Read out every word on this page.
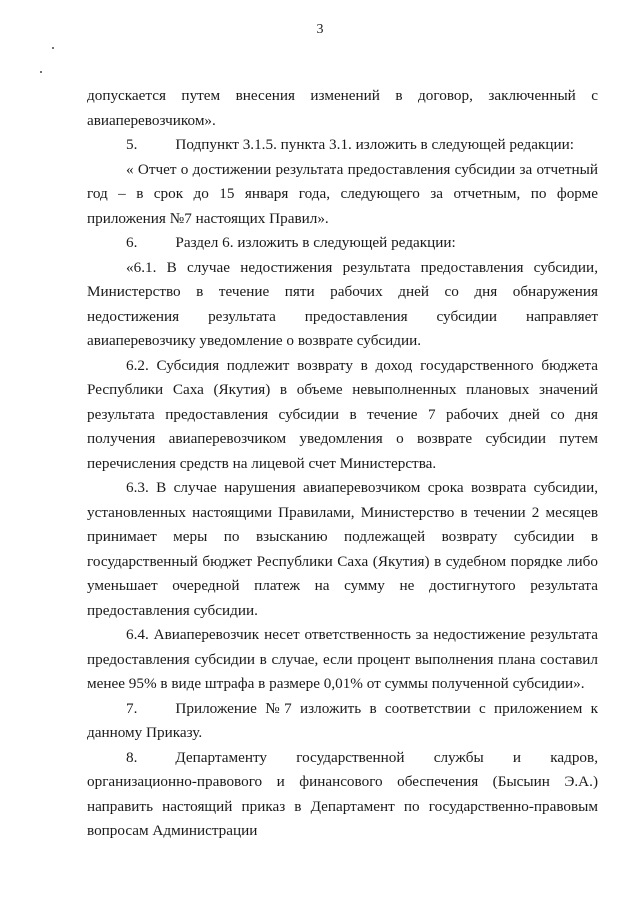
3

допускается путем внесения изменений в договор, заключенный с

авиаперевозчиком».

5.	Подпункт 3.1.5. пункта 3.1. изложить в следующей редакции:

« Отчет о достижении результата предоставления субсидии за отчетный год – в срок до 15 января года, следующего за отчетным, по форме приложения №7 настоящих Правил».

6.	Раздел 6. изложить в следующей редакции:

«6.1. В случае недостижения результата предоставления субсидии, Министерство в течение пяти рабочих дней со дня обнаружения недостижения результата предоставления субсидии направляет авиаперевозчику уведомление о возврате субсидии.

6.2. Субсидия подлежит возврату в доход государственного бюджета Республики Саха (Якутия) в объеме невыполненных плановых значений результата предоставления субсидии в течение 7 рабочих дней со дня получения авиаперевозчиком уведомления о возврате субсидии путем перечисления средств на лицевой счет Министерства.

6.3. В случае нарушения авиаперевозчиком срока возврата субсидии, установленных настоящими Правилами, Министерство в течении 2 месяцев принимает меры по взысканию подлежащей возврату субсидии в государственный бюджет Республики Саха (Якутия) в судебном порядке либо уменьшает очередной платеж на сумму не достигнутого результата предоставления субсидии.

6.4. Авиаперевозчик несет ответственность за недостижение результата предоставления субсидии в случае, если процент выполнения плана составил менее 95% в виде штрафа в размере 0,01% от суммы полученной субсидии».

7.	Приложение №7 изложить в соответствии с приложением к данному Приказу.

8.	Департаменту государственной службы и кадров, организационно-правового и финансового обеспечения (Бысыин Э.А.) направить настоящий приказ в Департамент по государственно-правовым вопросам Администрации
